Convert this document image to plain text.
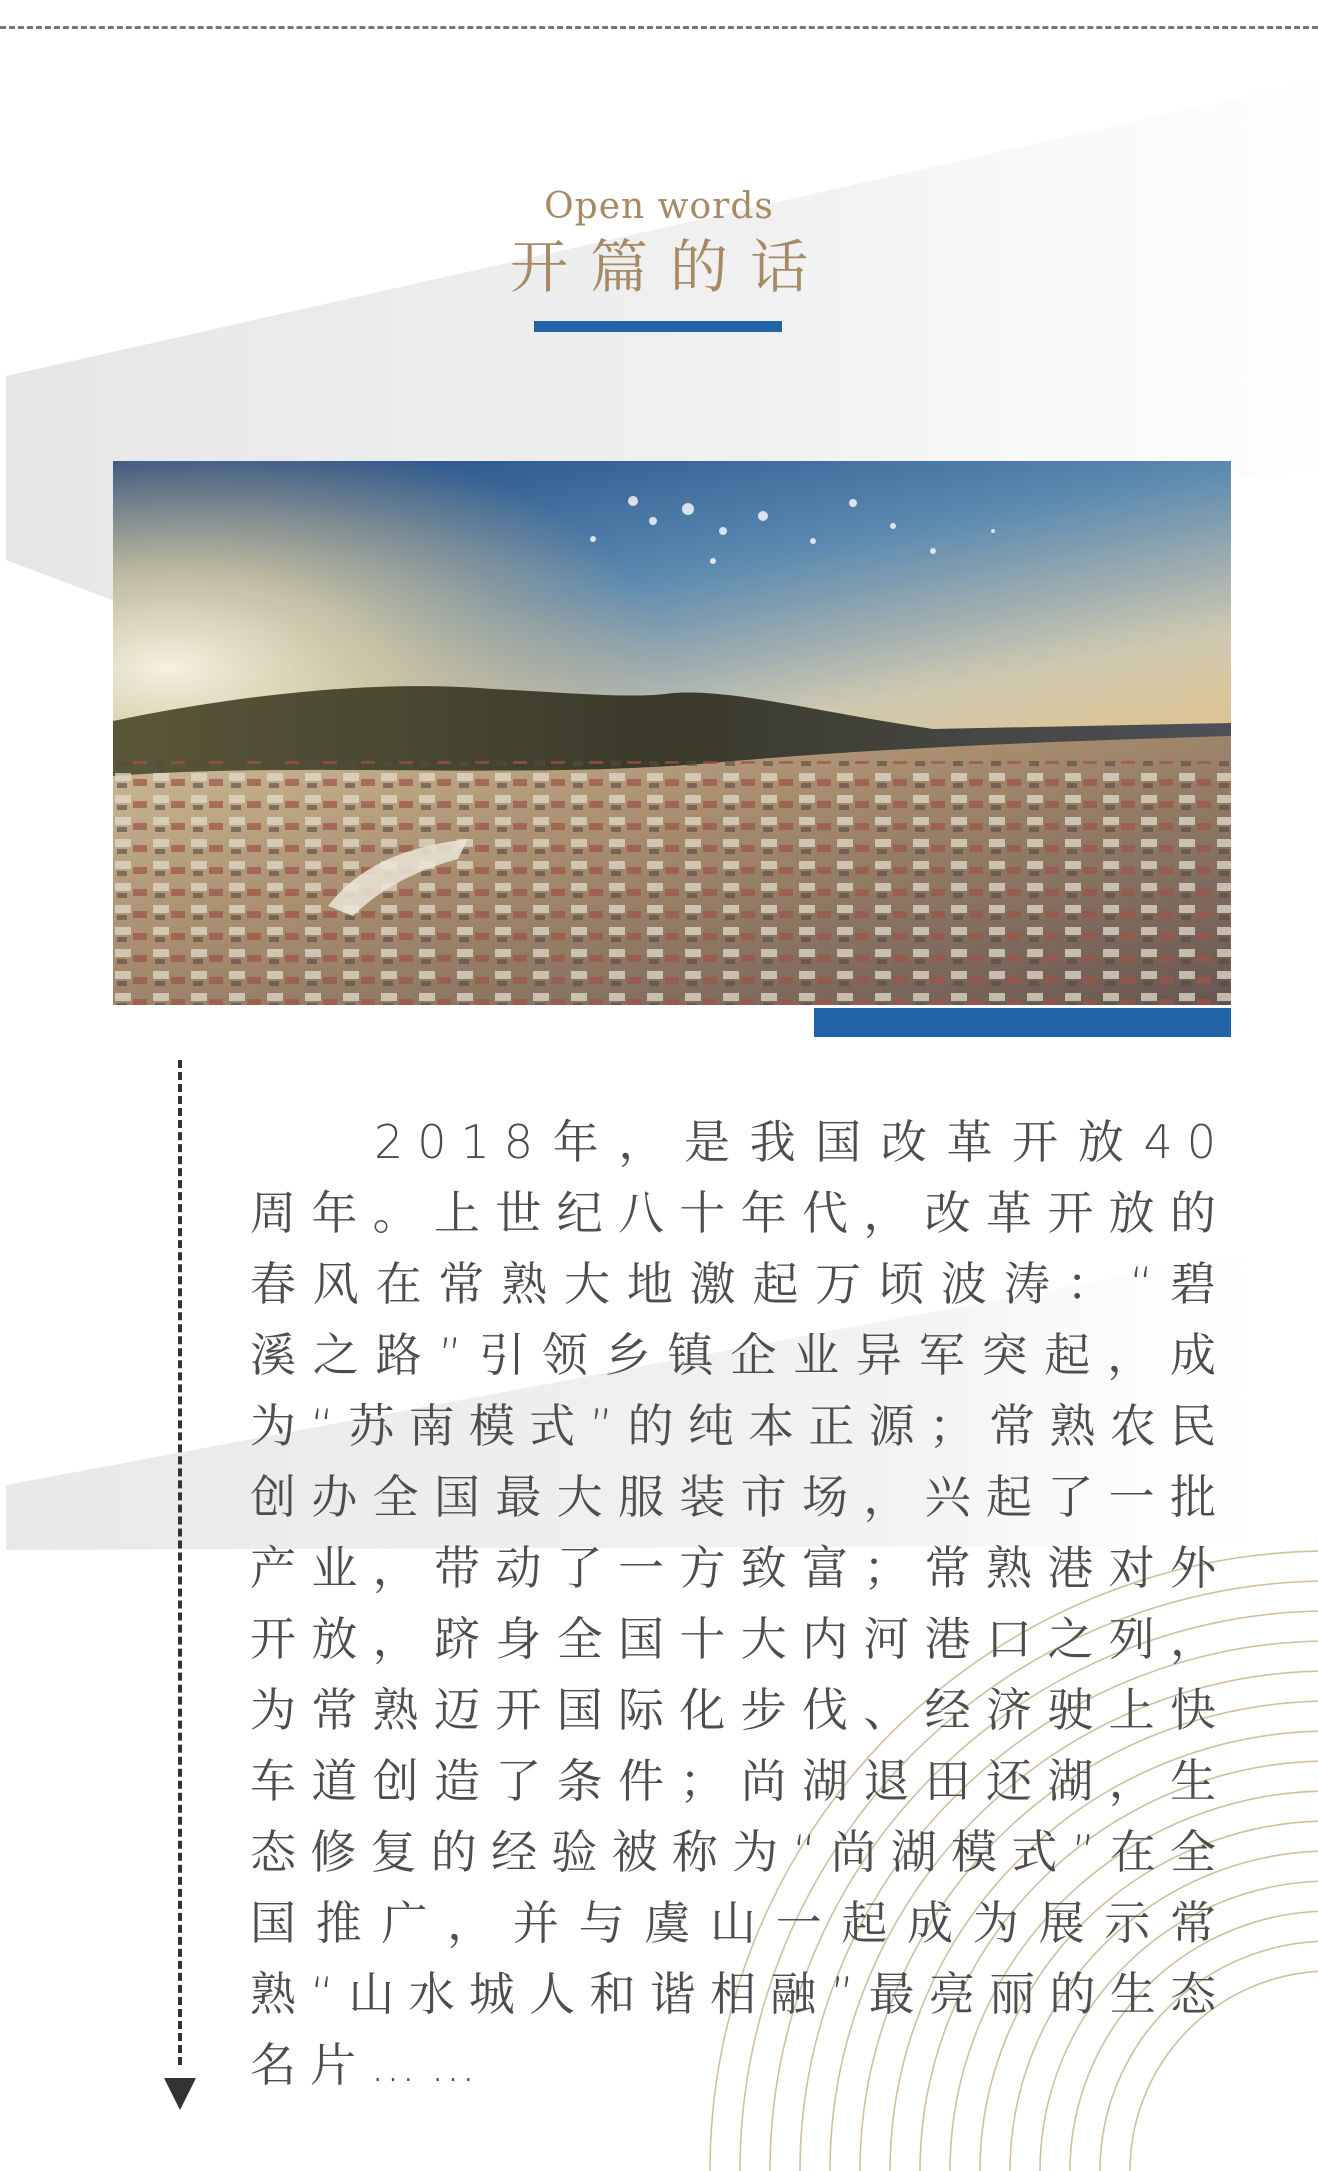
Open words
开篇的话
2018年，是我国改革开放40周年。上世纪八十年代，改革开放的春风在常熟大地激起万顷波涛：“碧溪之路”引领乡镇企业异军突起，成为“苏南模式”的纯本正源；常熟农民创办全国最大服装市场，兴起了一批产业，带动了一方致富；常熟港对外开放，跻身全国十大内河港口之列，为常熟迈开国际化步伐、经济驶上快车道创造了条件；尚湖退田还湖，生态修复的经验被称为“尚湖模式”在全国推广，并与虞山一起成为展示常熟“山水城人和谐相融”最亮丽的生态名片……
